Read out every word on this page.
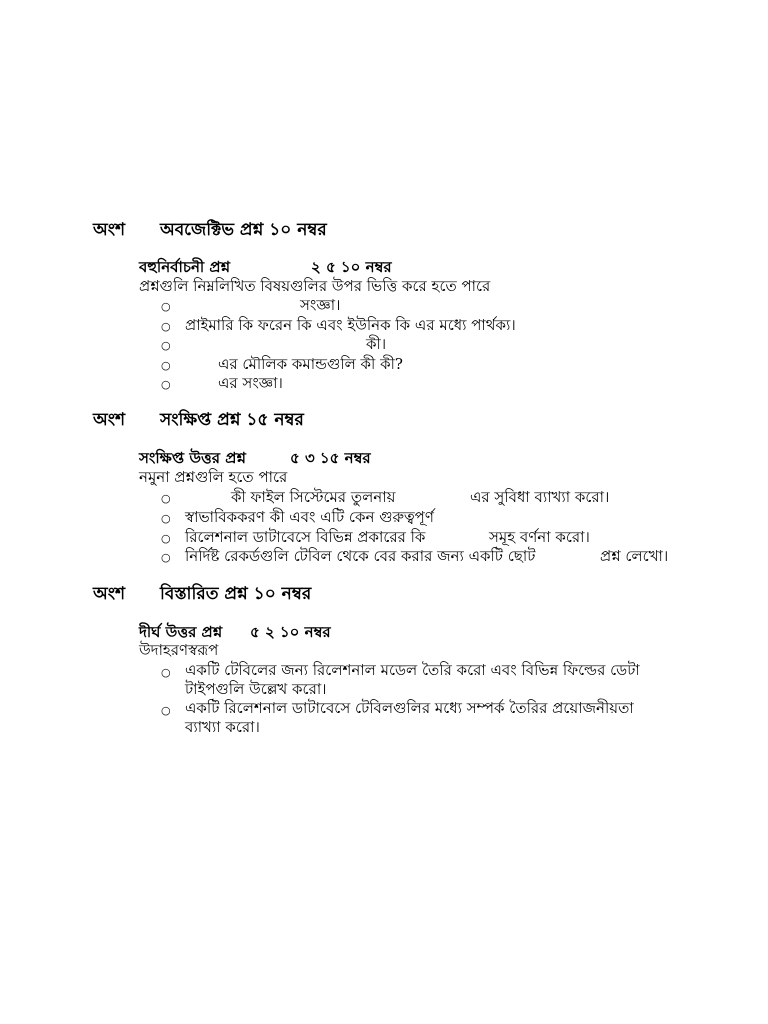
অংশ অবজেক্টিভ প্রশ্ন ১০ নম্বর
বহুনির্বাচনী প্রশ্ন	২ ৫ ১০ নম্বর
প্রশ্নগুলি নিম্নলিখিত বিষয়গুলির উপর ভিত্তি করে হতে পারে
○	সংজ্ঞা।
○ প্রাইমারি কি ফরেন কি এবং ইউনিক কি এর মধ্যে পার্থক্য।
○	কী।
○	এর মৌলিক কমান্ডগুলি কী কী?
○	এর সংজ্ঞা।
অংশ সংক্ষিপ্ত প্রশ্ন ১৫ নম্বর
সংক্ষিপ্ত উত্তর প্রশ্ন	৫ ৩ ১৫ নম্বর
নমুনা প্রশ্নগুলি হতে পারে
○	কী ফাইল সিস্টেমের তুলনায়	এর সুবিধা ব্যাখ্যা করো।
○ স্বাভাবিককরণ কী এবং এটি কেন গুরুত্বপূর্ণ
○ রিলেশনাল ডাটাবেসে বিভিন্ন প্রকারের কি	সমূহ বর্ণনা করো।
○ নির্দিষ্ট রেকর্ডগুলি টেবিল থেকে বের করার জন্য একটি ছোট	প্রশ্ন লেখো।
অংশ বিস্তারিত প্রশ্ন ১০ নম্বর
দীর্ঘ উত্তর প্রশ্ন ৫ ২ ১০ নম্বর
উদাহরণস্বরূপ
○ একটি টেবিলের জন্য রিলেশনাল মডেল তৈরি করো এবং বিভিন্ন ফিল্ডের ডেটা
টাইপগুলি উল্লেখ করো।
○ একটি রিলেশনাল ডাটাবেসে টেবিলগুলির মধ্যে সম্পর্ক তৈরির প্রয়োজনীয়তা
ব্যাখ্যা করো।
